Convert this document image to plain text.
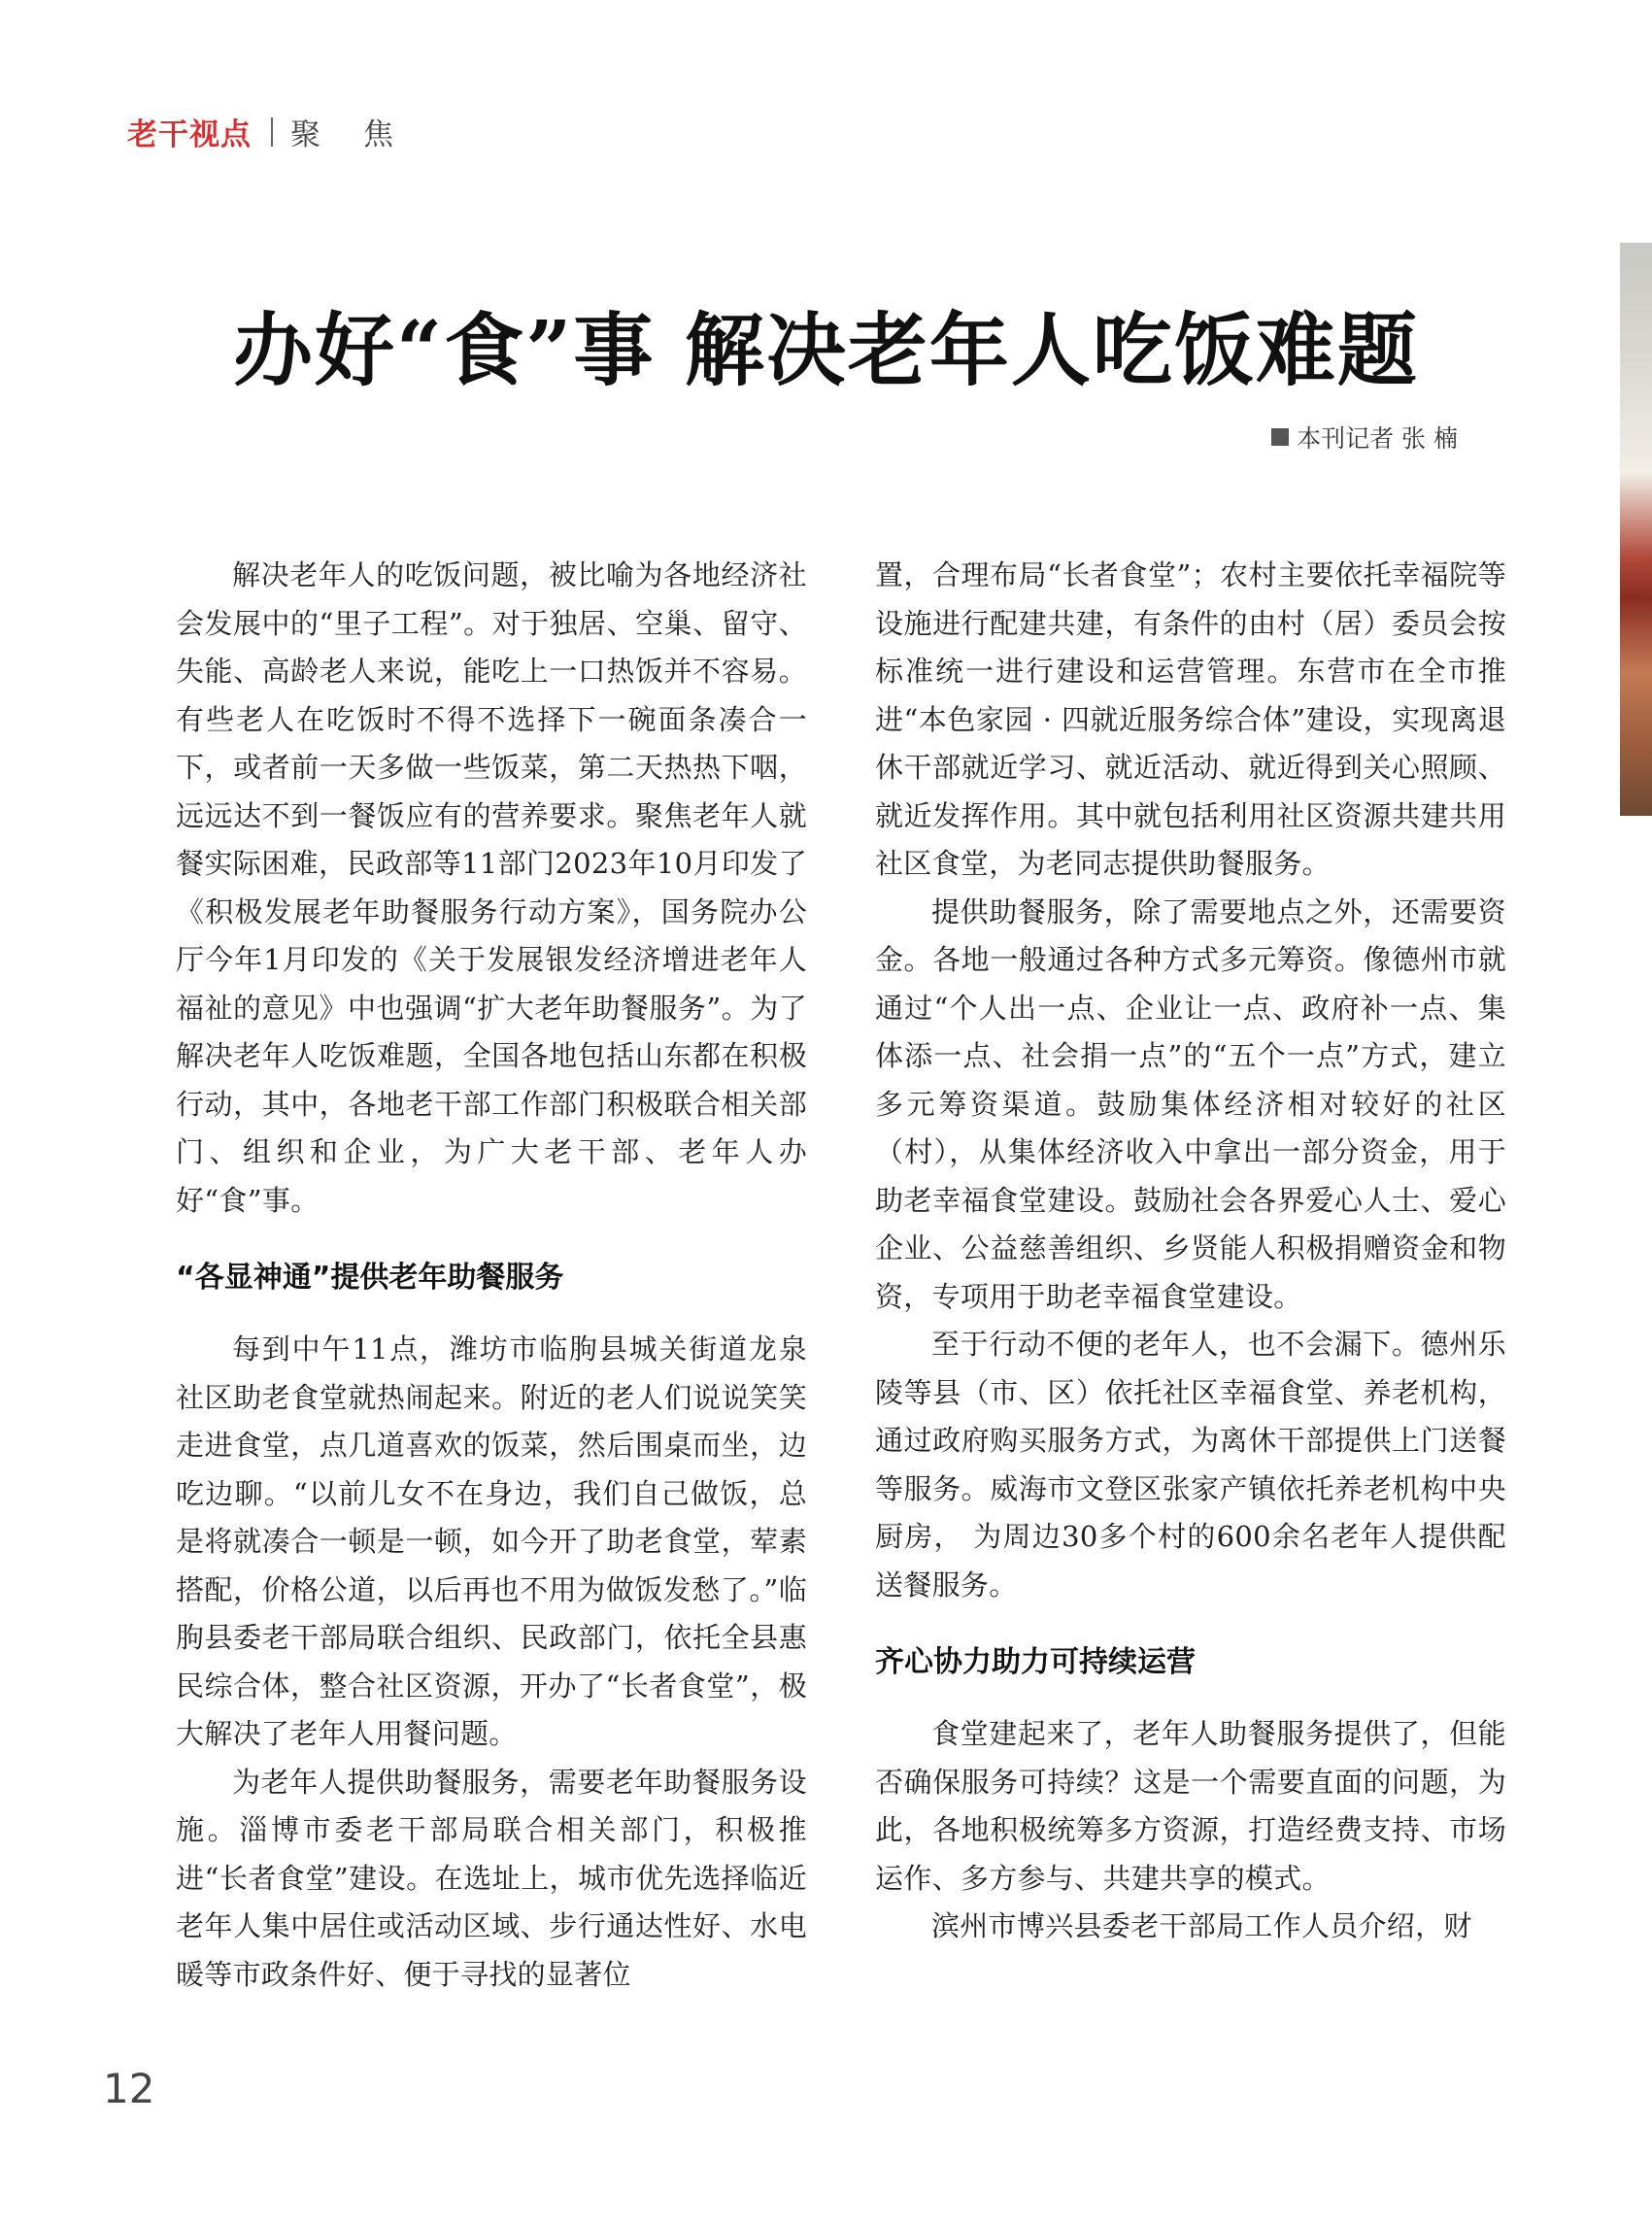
老干视点 聚焦
办好“食”事 解决老年人吃饭难题
本刊记者 张 楠

解决老年人的吃饭问题，被比喻为各地经济社会发展中的“里子工程”。对于独居、空巢、留守、失能、高龄老人来说，能吃上一口热饭并不容易。有些老人在吃饭时不得不选择下一碗面条凑合一下，或者前一天多做一些饭菜，第二天热热下咽，远远达不到一餐饭应有的营养要求。聚焦老年人就餐实际困难，民政部等11部门2023年10月印发了《积极发展老年助餐服务行动方案》，国务院办公厅今年1月印发的《关于发展银发经济增进老年人福祉的意见》中也强调“扩大老年助餐服务”。为了解决老年人吃饭难题，全国各地包括山东都在积极行动，其中，各地老干部工作部门积极联合相关部门、组织和企业，为广大老干部、老年人办好“食”事。

“各显神通”提供老年助餐服务

每到中午11点，潍坊市临朐县城关街道龙泉社区助老食堂就热闹起来。附近的老人们说说笑笑走进食堂，点几道喜欢的饭菜，然后围桌而坐，边吃边聊。“以前儿女不在身边，我们自己做饭，总是将就凑合一顿是一顿，如今开了助老食堂，荤素搭配，价格公道，以后再也不用为做饭发愁了。”临朐县委老干部局联合组织、民政部门，依托全县惠民综合体，整合社区资源，开办了“长者食堂”，极大解决了老年人用餐问题。

为老年人提供助餐服务，需要老年助餐服务设施。淄博市委老干部局联合相关部门，积极推进“长者食堂”建设。在选址上，城市优先选择临近老年人集中居住或活动区域、步行通达性好、水电暖等市政条件好、便于寻找的显著位

置，合理布局“长者食堂”；农村主要依托幸福院等设施进行配建共建，有条件的由村（居）委员会按标准统一进行建设和运营管理。东营市在全市推进“本色家园 · 四就近服务综合体”建设，实现离退休干部就近学习、就近活动、就近得到关心照顾、就近发挥作用。其中就包括利用社区资源共建共用社区食堂，为老同志提供助餐服务。

提供助餐服务，除了需要地点之外，还需要资金。各地一般通过各种方式多元筹资。像德州市就通过“个人出一点、企业让一点、政府补一点、集体添一点、社会捐一点”的“五个一点”方式，建立多元筹资渠道。鼓励集体经济相对较好的社区（村），从集体经济收入中拿出一部分资金，用于助老幸福食堂建设。鼓励社会各界爱心人士、爱心企业、公益慈善组织、乡贤能人积极捐赠资金和物资，专项用于助老幸福食堂建设。

至于行动不便的老年人，也不会漏下。德州乐陵等县（市、区）依托社区幸福食堂、养老机构，通过政府购买服务方式，为离休干部提供上门送餐等服务。威海市文登区张家产镇依托养老机构中央厨房， 为周边30多个村的600余名老年人提供配送餐服务。

齐心协力助力可持续运营

食堂建起来了，老年人助餐服务提供了，但能否确保服务可持续？这是一个需要直面的问题，为此，各地积极统筹多方资源，打造经费支持、市场运作、多方参与、共建共享的模式。

滨州市博兴县委老干部局工作人员介绍，财

12
